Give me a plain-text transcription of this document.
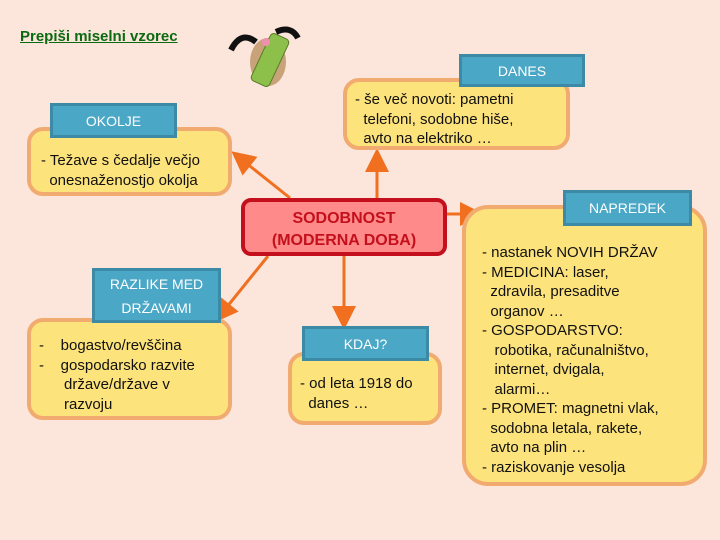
Prepiši miselni vzorec
- še več novoti: pametni
telefoni, sodobne hiše,
avto na elektriko …
DANES
- Težave s čedalje večjo
onesnaženostjo okolja
OKOLJE
SODOBNOST
(MODERNA DOBA)
- nastanek NOVIH DRŽAV
- MEDICINA: laser,
zdravila, presaditve
organov …
- GOSPODARSTVO:
robotika, računalništvo,
internet, dvigala,
alarmi…
- PROMET: magnetni vlak,
sodobna letala, rakete,
avto na plin …
- raziskovanje vesolja
NAPREDEK
-    bogastvo/revščina
-    gospodarsko razvite
države/države v
razvoju
RAZLIKE MED DRŽAVAMI
- od leta 1918 do
danes …
KDAJ?
